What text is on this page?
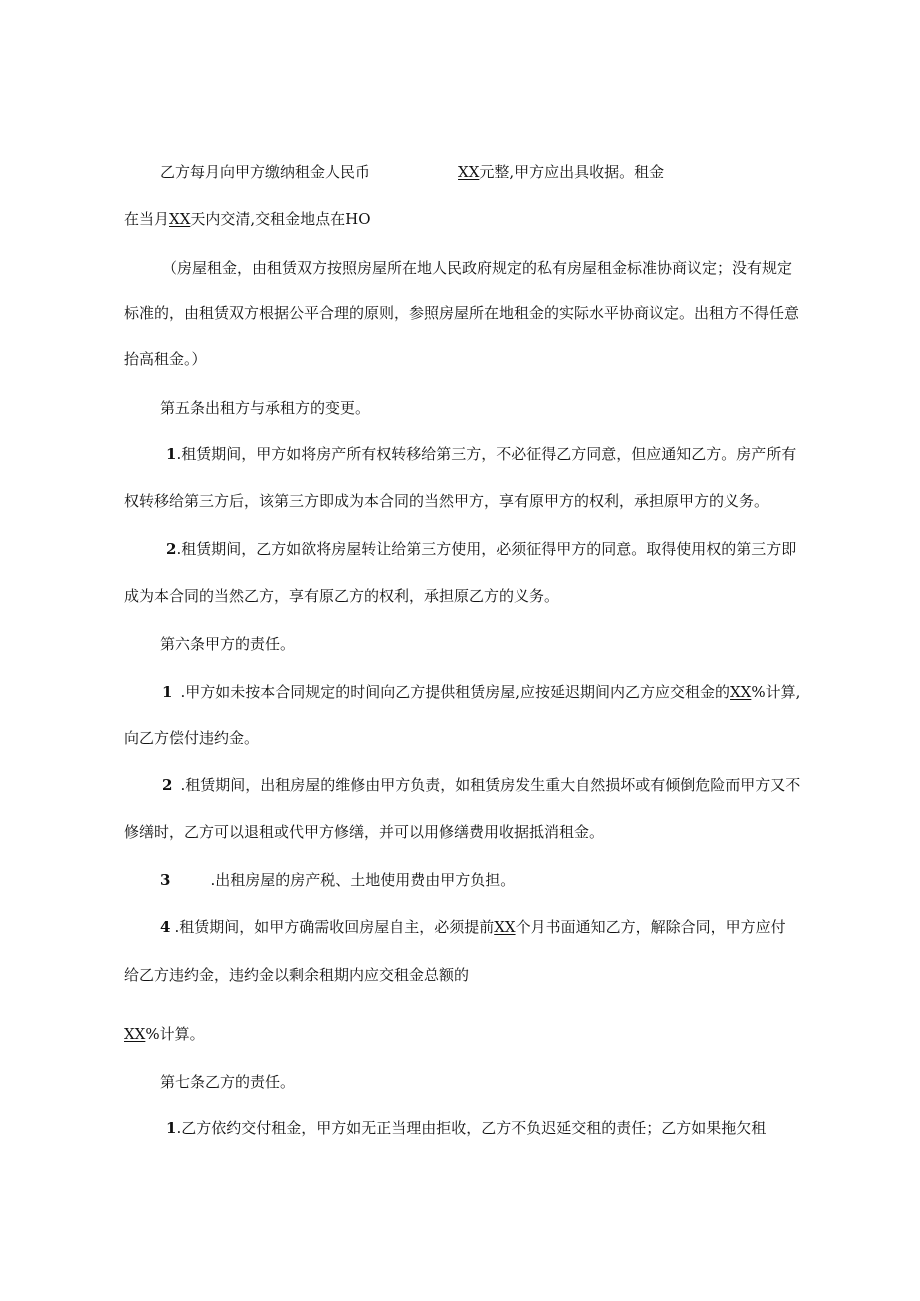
乙方每月向甲方缴纳租金人民币	XX元整,甲方应出具收据。租金
在当月XX天内交清,交租金地点在HO
（房屋租金，由租赁双方按照房屋所在地人民政府规定的私有房屋租金标准协商议定；没有规定
标准的，由租赁双方根据公平合理的原则，参照房屋所在地租金的实际水平协商议定。出租方不得任意
抬高租金。）
第五条出租方与承租方的变更。
1.租赁期间，甲方如将房产所有权转移给第三方，不必征得乙方同意，但应通知乙方。房产所有
权转移给第三方后，该第三方即成为本合同的当然甲方，享有原甲方的权利，承担原甲方的义务。
2.租赁期间，乙方如欲将房屋转让给第三方使用，必须征得甲方的同意。取得使用权的第三方即
成为本合同的当然乙方，享有原乙方的权利，承担原乙方的义务。
第六条甲方的责任。
1 .甲方如未按本合同规定的时间向乙方提供租赁房屋,应按延迟期间内乙方应交租金的XX%计算,
向乙方偿付违约金。
2 .租赁期间，出租房屋的维修由甲方负责，如租赁房发生重大自然损坏或有倾倒危险而甲方又不
修缮时，乙方可以退租或代甲方修缮，并可以用修缮费用收据抵消租金。
3	.出租房屋的房产税、土地使用费由甲方负担。
4 .租赁期间，如甲方确需收回房屋自主，必须提前XX个月书面通知乙方，解除合同，甲方应付
给乙方违约金，违约金以剩余租期内应交租金总额的
XX%计算。
第七条乙方的责任。
1.乙方依约交付租金，甲方如无正当理由拒收，乙方不负迟延交租的责任；乙方如果拖欠租
